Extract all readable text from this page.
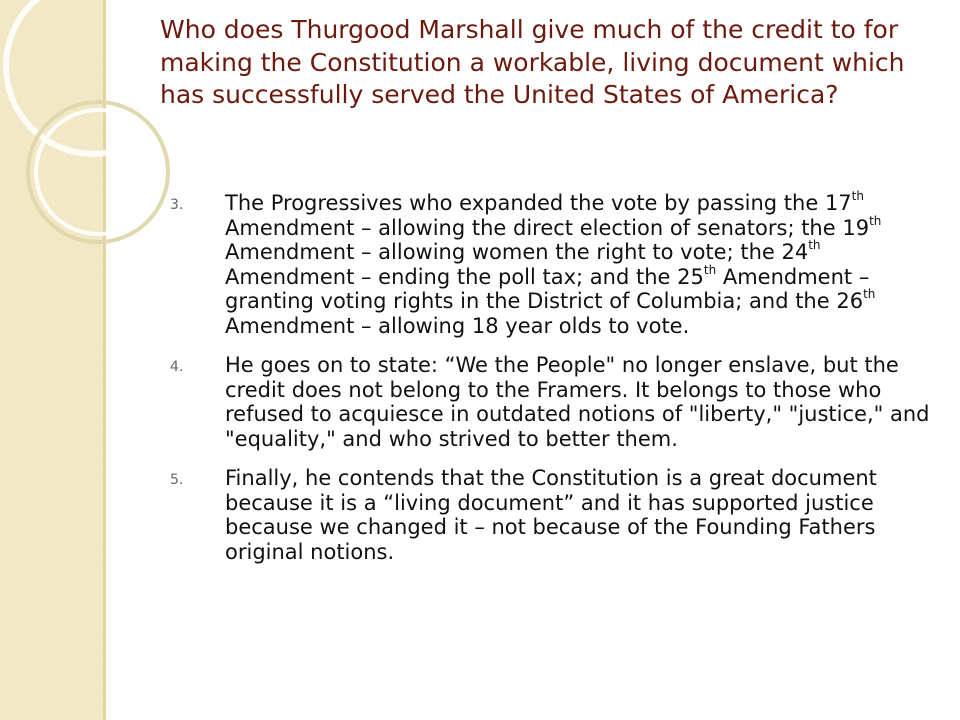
Who does Thurgood Marshall give much of the credit to for making the Constitution a workable, living document which has successfully served the United States of America?
3. The Progressives who expanded the vote by passing the 17th Amendment – allowing the direct election of senators; the 19th Amendment – allowing women the right to vote; the 24th Amendment – ending the poll tax; and the 25th Amendment – granting voting rights in the District of Columbia; and the 26th Amendment – allowing 18 year olds to vote.
4. He goes on to state: “We the People" no longer enslave, but the credit does not belong to the Framers. It belongs to those who refused to acquiesce in outdated notions of "liberty," "justice," and "equality," and who strived to better them.
5. Finally, he contends that the Constitution is a great document because it is a “living document” and it has supported justice because we changed it – not because of the Founding Fathers original notions.
